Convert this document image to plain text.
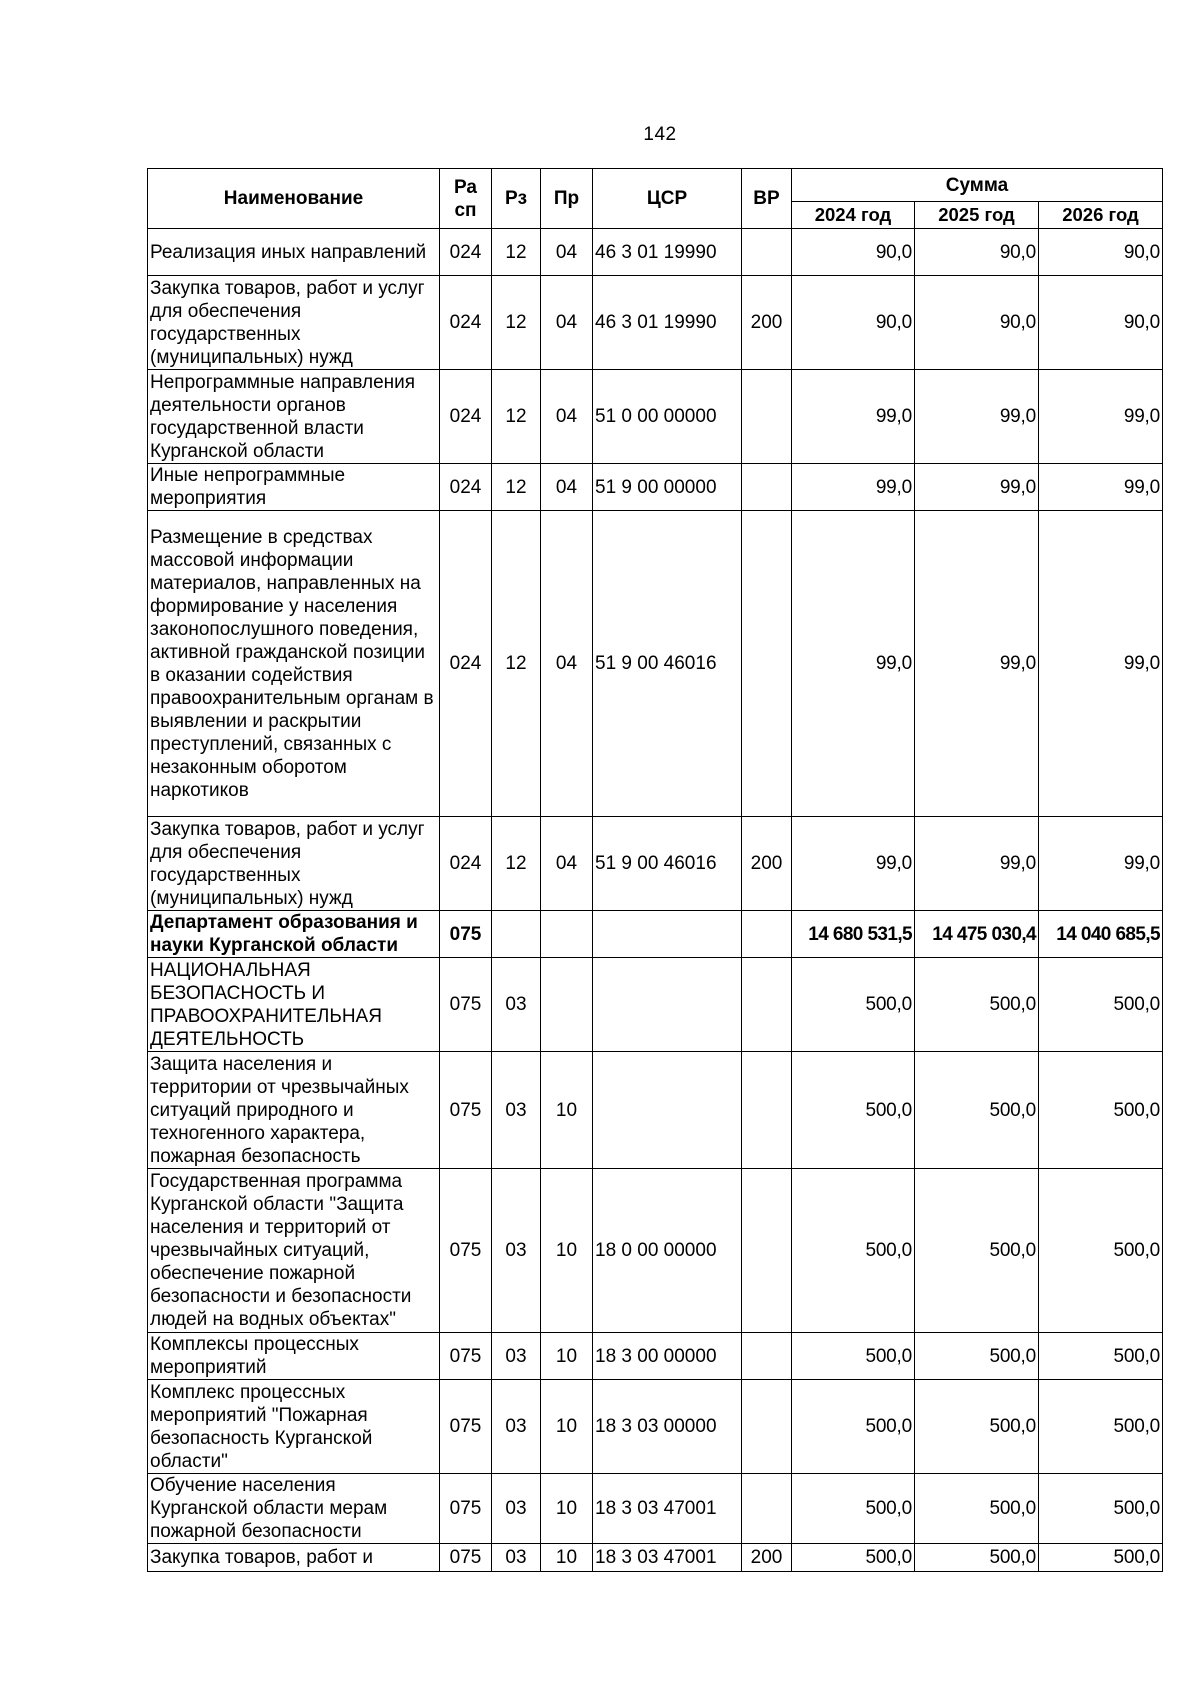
142
Наименование	Ра сп	Рз	Пр	ЦСР	ВР	Сумма		
						2024 год	2025 год	2026 год
Реализация иных направлений	024	12	04	46 3 01 19990		90,0	90,0	90,0
Закупка товаров, работ и услуг для обеспечения государственных (муниципальных) нужд	024	12	04	46 3 01 19990	200	90,0	90,0	90,0
Непрограммные направления деятельности органов государственной власти Курганской области	024	12	04	51 0 00 00000		99,0	99,0	99,0
Иные непрограммные мероприятия	024	12	04	51 9 00 00000		99,0	99,0	99,0
Размещение в средствах массовой информации материалов, направленных на формирование у населения законопослушного поведения, активной гражданской позиции в оказании содействия правоохранительным органам в выявлении и раскрытии преступлений, связанных с незаконным оборотом наркотиков	024	12	04	51 9 00 46016		99,0	99,0	99,0
Закупка товаров, работ и услуг для обеспечения государственных (муниципальных) нужд	024	12	04	51 9 00 46016	200	99,0	99,0	99,0
Департамент образования и науки Курганской области	075					14 680 531,5	14 475 030,4	14 040 685,5
НАЦИОНАЛЬНАЯ БЕЗОПАСНОСТЬ И ПРАВООХРАНИТЕЛЬНАЯ ДЕЯТЕЛЬНОСТЬ	075	03				500,0	500,0	500,0
Защита населения и территории от чрезвычайных ситуаций природного и техногенного характера, пожарная безопасность	075	03	10			500,0	500,0	500,0
Государственная программа Курганской области "Защита населения и территорий от чрезвычайных ситуаций, обеспечение пожарной безопасности и безопасности людей на водных объектах"	075	03	10	18 0 00 00000		500,0	500,0	500,0
Комплексы процессных мероприятий	075	03	10	18 3 00 00000		500,0	500,0	500,0
Комплекс процессных мероприятий "Пожарная безопасность Курганской области"	075	03	10	18 3 03 00000		500,0	500,0	500,0
Обучение населения Курганской области мерам пожарной безопасности	075	03	10	18 3 03 47001		500,0	500,0	500,0
Закупка товаров, работ и	075	03	10	18 3 03 47001	200	500,0	500,0	500,0
